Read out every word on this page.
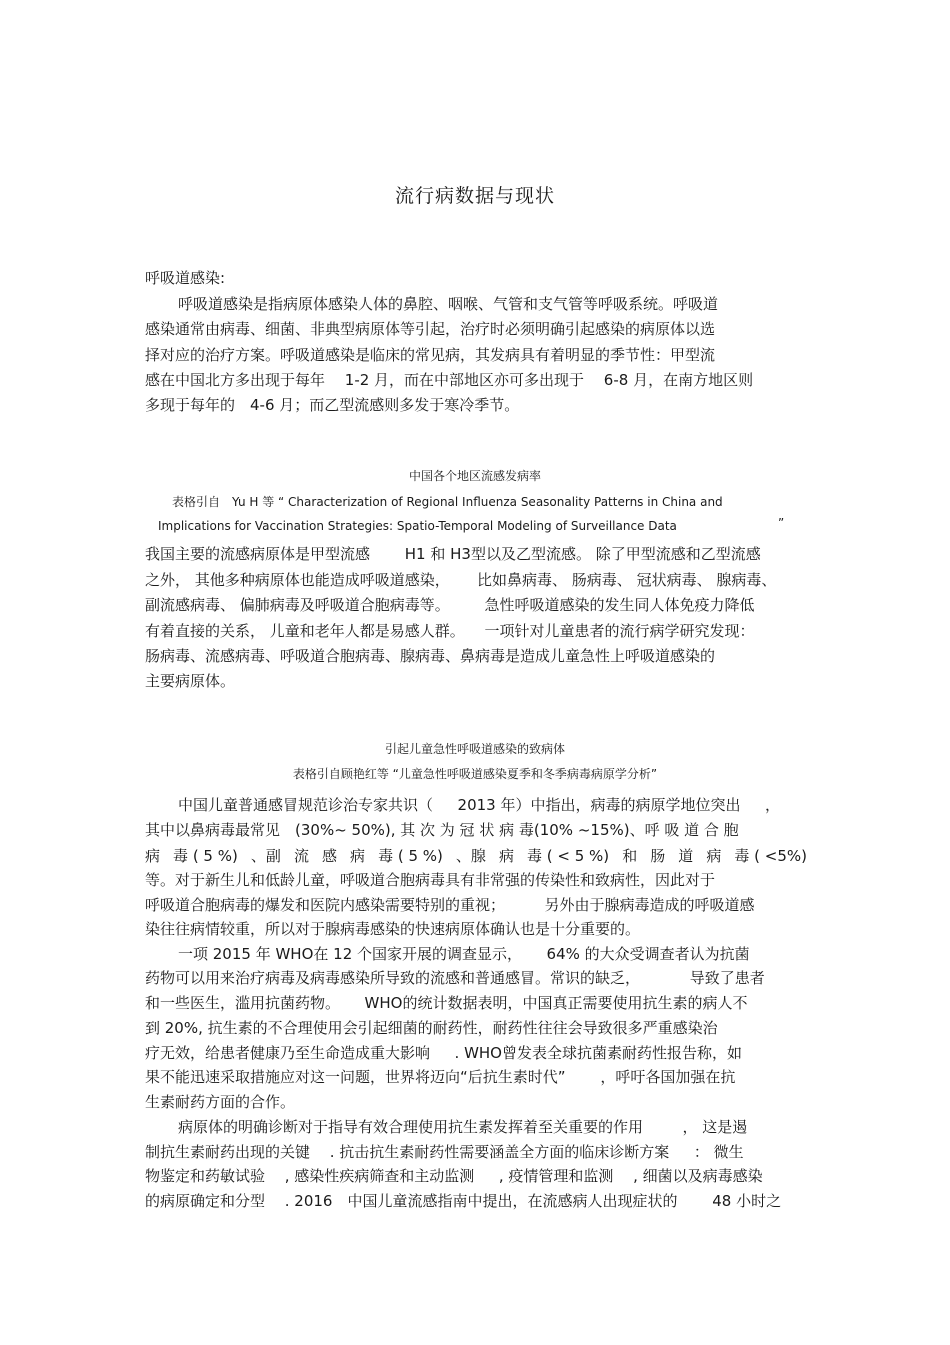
流行病数据与现状
呼吸道感染:
呼吸道感染是指病原体感染人体的鼻腔、咽喉、气管和支气管等呼吸系统。呼吸道
感染通常由病毒、细菌、非典型病原体等引起，治疗时必须明确引起感染的病原体以选
择对应的治疗方案。呼吸道感染是临床的常见病，其发病具有着明显的季节性：甲型流
感在中国北方多出现于每年 　1-2 月，而在中部地区亦可多出现于 　6-8 月，在南方地区则
多现于每年的　4-6 月；而乙型流感则多发于寒冷季节。
中国各个地区流感发病率
表格引自　Yu H 等 “ Characterization of Regional Influenza Seasonality Patterns in China and
Implications for Vaccination Strategies: Spatio-Temporal Modeling of Surveillance Data	”
我国主要的流感病原体是甲型流感 　　H1 和 H3型以及乙型流感。 除了甲型流感和乙型流感
之外， 其他多种病原体也能造成呼吸道感染，　　 比如鼻病毒、 肠病毒、 冠状病毒、 腺病毒、
副流感病毒、 偏肺病毒及呼吸道合胞病毒等。 　　急性呼吸道感染的发生同人体免疫力降低
有着直接的关系， 儿童和老年人都是易感人群。 　一项针对儿童患者的流行病学研究发现：
肠病毒、流感病毒、呼吸道合胞病毒、腺病毒、鼻病毒是造成儿童急性上呼吸道感染的
主要病原体。
引起儿童急性呼吸道感染的致病体
表格引自顾艳红等 “儿童急性呼吸道感染夏季和冬季病毒病原学分析”
中国儿童普通感冒规范诊治专家共识（ 　 2013 年）中指出，病毒的病原学地位突出 　 ，
其中以鼻病毒最常见　(30%~ 50%), 其 次 为 冠 状 病 毒(10% ~15%)、呼 吸 道 合 胞
病 毒 ( 5 %) 、副 流 感 病 毒 ( 5 %) 、腺 病 毒 ( < 5 %) 和 肠 道 病 毒 ( <5%)
等。对于新生儿和低龄儿童，呼吸道合胞病毒具有非常强的传染性和致病性，因此对于
呼吸道合胞病毒的爆发和医院内感染需要特别的重视； 　　 另外由于腺病毒造成的呼吸道感
染往往病情较重，所以对于腺病毒感染的快速病原体确认也是十分重要的。
一项 2015 年 WHO在 12 个国家开展的调查显示， 　 64% 的大众受调查者认为抗菌
药物可以用来治疗病毒及病毒感染所导致的流感和普通感冒。常识的缺乏， 　　　导致了患者
和一些医生，滥用抗菌药物。 　 WHO的统计数据表明，中国真正需要使用抗生素的病人不
到 20%, 抗生素的不合理使用会引起细菌的耐药性，耐药性往往会导致很多严重感染治
疗无效，给患者健康乃至生命造成重大影响 　 . WHO曾发表全球抗菌素耐药性报告称，如
果不能迅速采取措施应对这一问题，世界将迈向“后抗生素时代” 　　，呼吁各国加强在抗
生素耐药方面的合作。
病原体的明确诊断对于指导有效合理使用抗生素发挥着至关重要的作用 　　 ， 这是遏
制抗生素耐药出现的关键 　. 抗击抗生素耐药性需要涵盖全方面的临床诊断方案 　 ： 微生
物鉴定和药敏试验 　, 感染性疾病筛查和主动监测 　 , 疫情管理和监测 　, 细菌以及病毒感染
的病原确定和分型 　. 2016　中国儿童流感指南中提出，在流感病人出现症状的 　　48 小时之
